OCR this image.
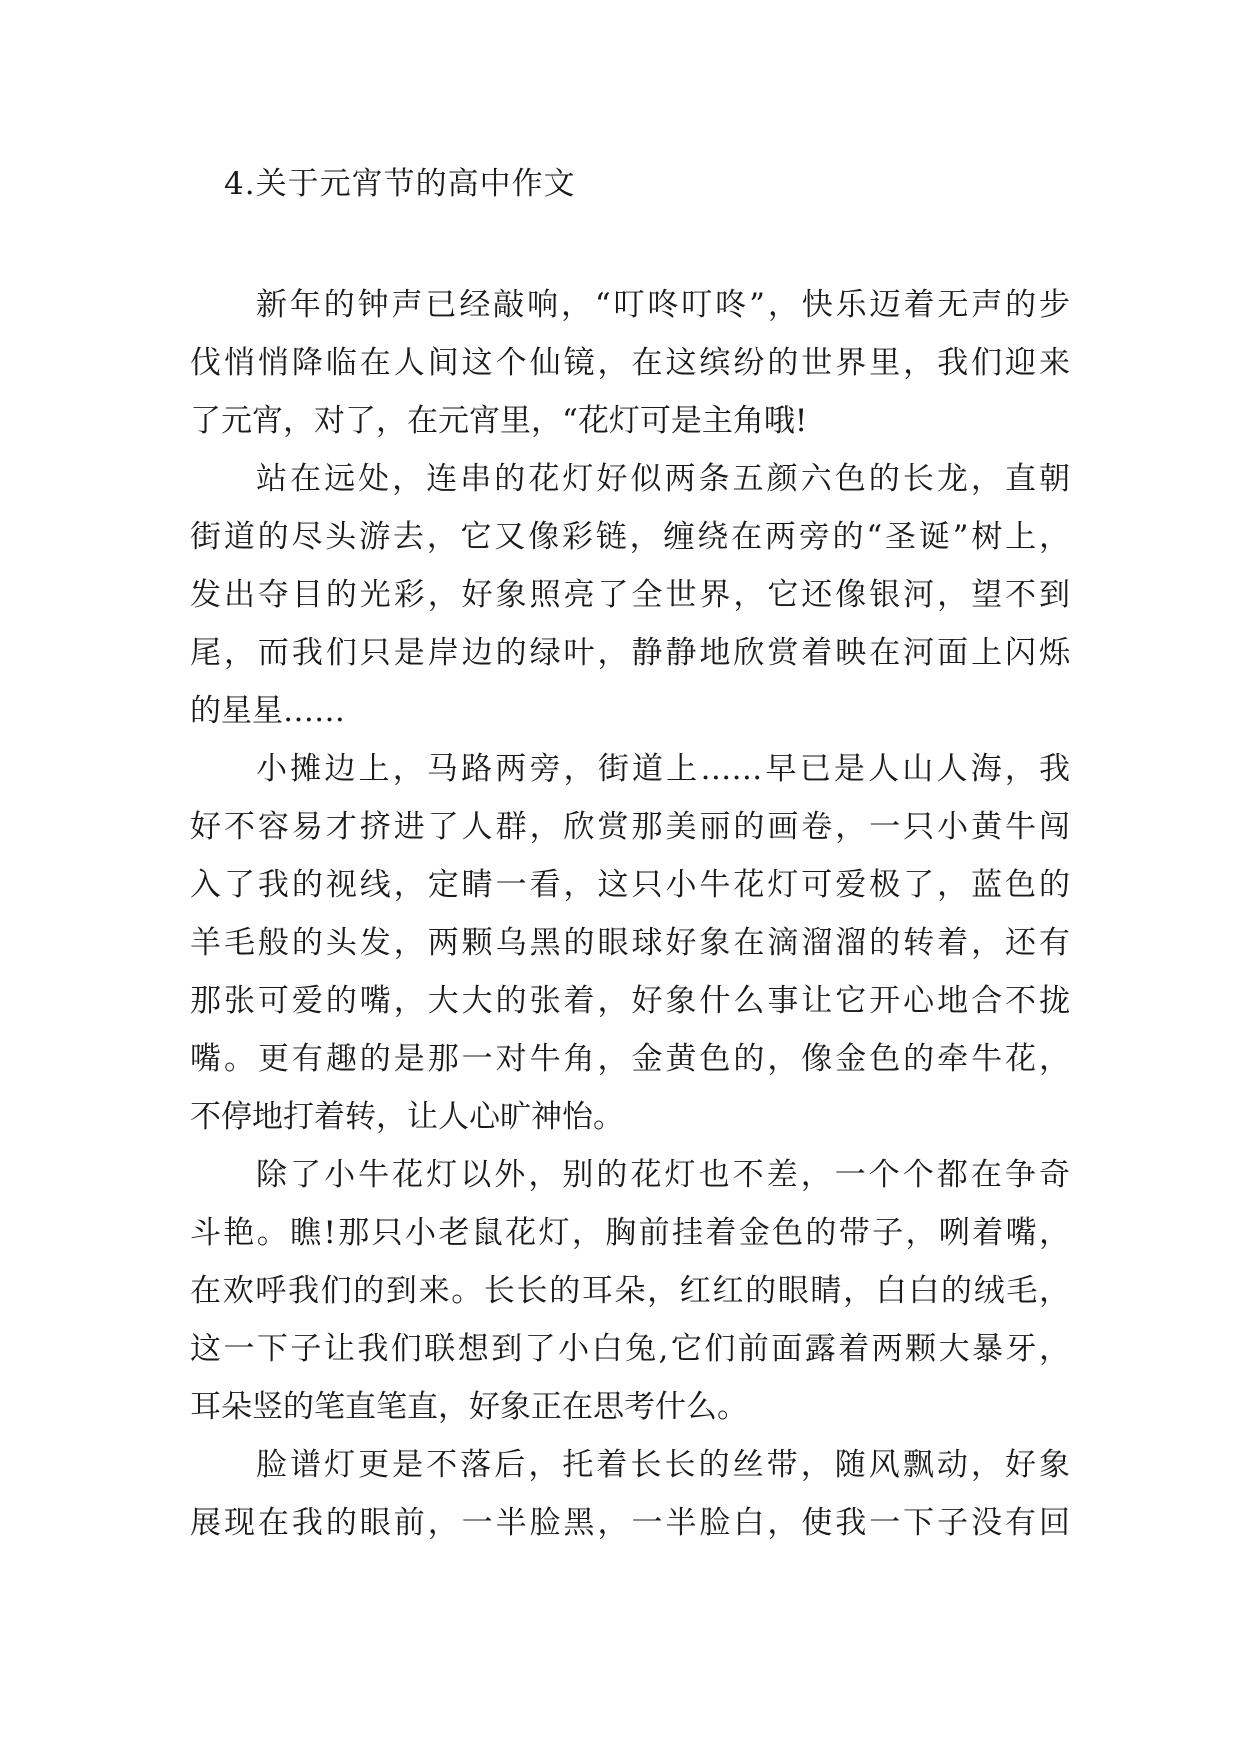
4.关于元宵节的高中作文
新年的钟声已经敲响，“叮咚叮咚”，快乐迈着无声的步
伐悄悄降临在人间这个仙镜，在这缤纷的世界里，我们迎来
了元宵，对了，在元宵里，“花灯可是主角哦!
站在远处，连串的花灯好似两条五颜六色的长龙，直朝
街道的尽头游去，它又像彩链，缠绕在两旁的“圣诞”树上，
发出夺目的光彩，好象照亮了全世界，它还像银河，望不到
尾，而我们只是岸边的绿叶，静静地欣赏着映在河面上闪烁
的星星……
小摊边上，马路两旁，街道上……早已是人山人海，我
好不容易才挤进了人群，欣赏那美丽的画卷，一只小黄牛闯
入了我的视线，定睛一看，这只小牛花灯可爱极了，蓝色的
羊毛般的头发，两颗乌黑的眼球好象在滴溜溜的转着，还有
那张可爱的嘴，大大的张着，好象什么事让它开心地合不拢
嘴。更有趣的是那一对牛角，金黄色的，像金色的牵牛花，
不停地打着转，让人心旷神怡。
除了小牛花灯以外，别的花灯也不差，一个个都在争奇
斗艳。瞧!那只小老鼠花灯，胸前挂着金色的带子，咧着嘴，
在欢呼我们的到来。长长的耳朵，红红的眼睛，白白的绒毛，
这一下子让我们联想到了小白兔,它们前面露着两颗大暴牙，
耳朵竖的笔直笔直，好象正在思考什么。
脸谱灯更是不落后，托着长长的丝带，随风飘动，好象
展现在我的眼前，一半脸黑，一半脸白，使我一下子没有回
